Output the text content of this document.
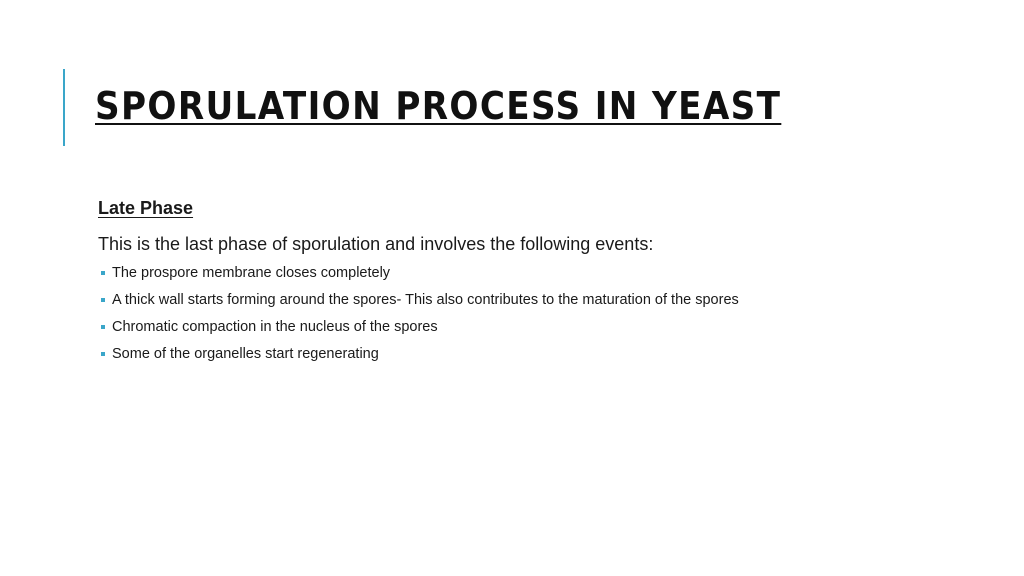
SPORULATION PROCESS IN YEAST
Late Phase
This is the last phase of sporulation and involves the following events:
The prospore membrane closes completely
A thick wall starts forming around the spores- This also contributes to the maturation of the spores
Chromatic compaction in the nucleus of the spores
Some of the organelles start regenerating
